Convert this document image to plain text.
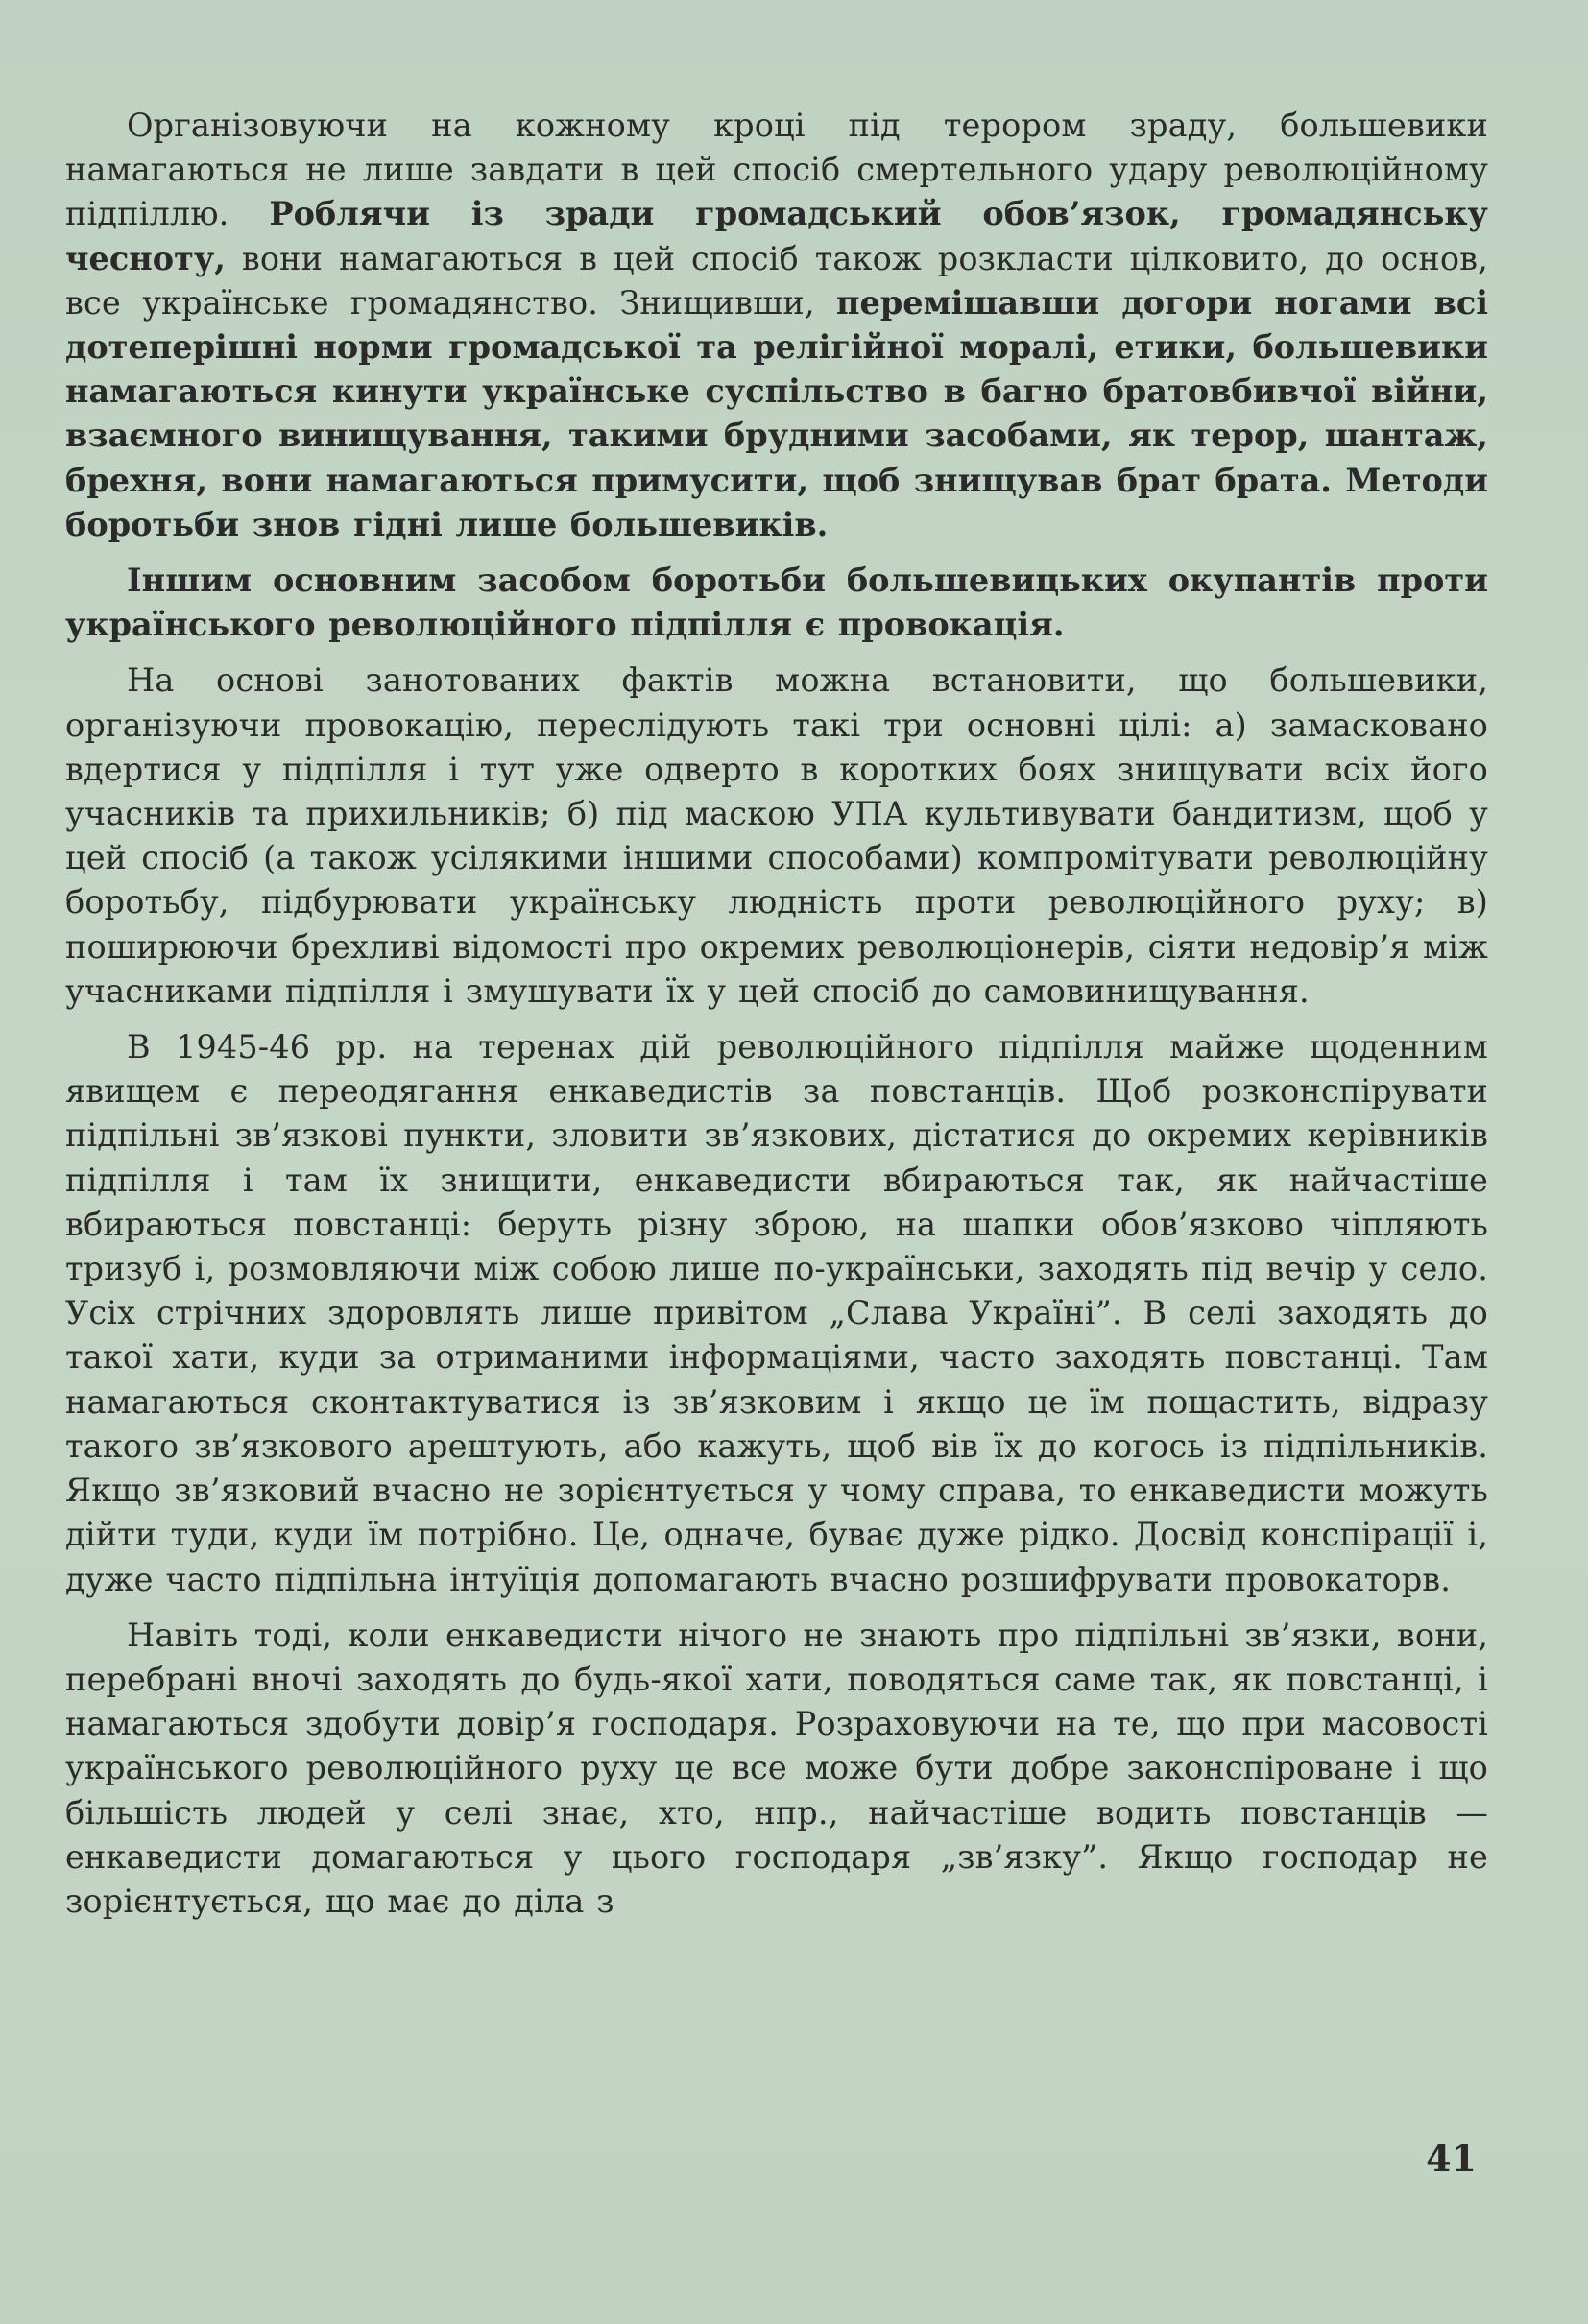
Організовуючи на кожному кроці під терором зраду, большевики намагаються не лише завдати в цей спосіб смертельного удару революційному підпіллю. Роблячи із зради громадський обов’язок, громадянську чесноту, вони намагаються в цей спосіб також розкласти цілковито, до основ, все українське громадянство. Знищивши, перемішавши догори ногами всі дотеперішні норми громадської та релігійної моралі, етики, большевики намагаються кинути українське суспільство в багно братовбивчої війни, взаємного винищування, такими брудними засобами, як терор, шантаж, брехня, вони намагаються примусити, щоб знищував брат брата. Методи боротьби знов гідні лише большевиків.

Іншим основним засобом боротьби большевицьких окупантів проти українського революційного підпілля є провокація.

На основі занотованих фактів можна встановити, що большевики, організуючи провокацію, переслідують такі три основні цілі: а) замасковано вдертися у підпілля і тут уже одверто в коротких боях знищувати всіх його учасників та прихильників; б) під маскою УПА культивувати бандитизм, щоб у цей спосіб (а також усілякими іншими способами) компромітувати революційну боротьбу, підбурювати українську людність проти революційного руху; в) поширюючи брехливі відомості про окремих революціонерів, сіяти недовір’я між учасниками підпілля і змушувати їх у цей спосіб до самовинищування.

В 1945-46 рр. на теренах дій революційного підпілля майже щоденним явищем є переодягання енкаведистів за повстанців. Щоб розконспірувати підпільні зв’язкові пункти, зловити зв’язкових, дістатися до окремих керівників підпілля і там їх знищити, енкаведисти вбираються так, як найчастіше вбираються повстанці: беруть різну зброю, на шапки обов’язково чіпляють тризуб і, розмовляючи між собою лише по-українськи, заходять під вечір у село. Усіх стрічних здоровлять лише привітом „Слава Україні”. В селі заходять до такої хати, куди за отриманими інформаціями, часто заходять повстанці. Там намагаються сконтактуватися із зв’язковим і якщо це їм пощастить, відразу такого зв’язкового арештують, або кажуть, щоб вів їх до когось із підпільників. Якщо зв’язковий вчасно не зорієнтується у чому справа, то енкаведисти можуть дійти туди, куди їм потрібно. Це, одначе, буває дуже рідко. Досвід конспірації і, дуже часто підпільна інтуїція допомагають вчасно розшифрувати провокаторв.

Навіть тоді, коли енкаведисти нічого не знають про підпільні зв’язки, вони, перебрані вночі заходять до будь-якої хати, поводяться саме так, як повстанці, і намагаються здобути довір’я господаря. Розраховуючи на те, що при масовості українського революційного руху це все може бути добре законспіроване і що більшість людей у селі знає, хто, нпр., найчастіше водить повстанців — енкаведисти домагаються у цього господаря „зв’язку”. Якщо господар не зорієнтується, що має до діла з

41
